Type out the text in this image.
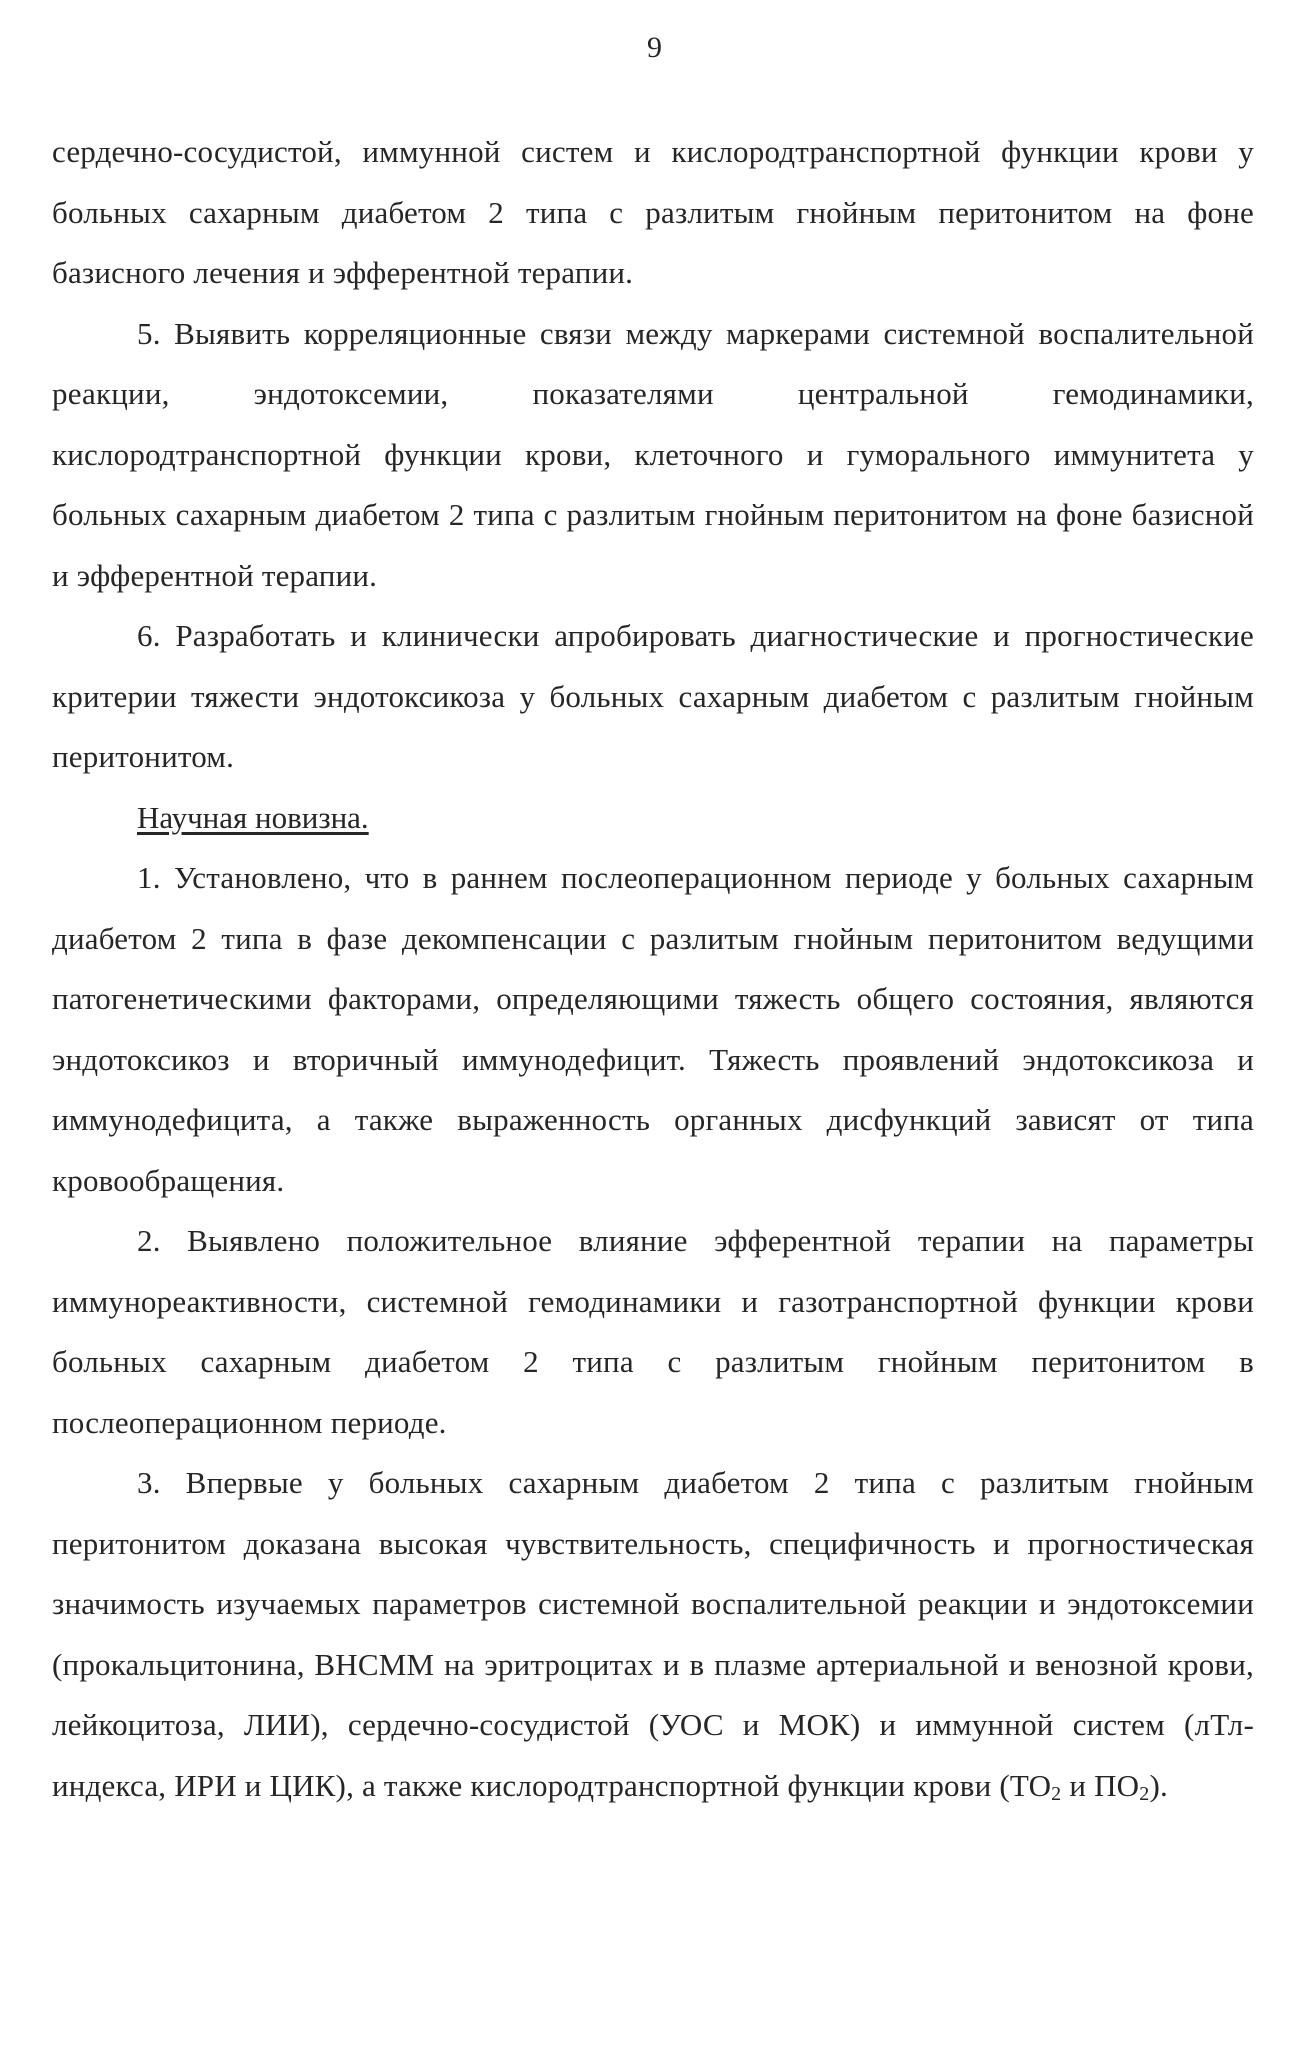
9

сердечно-сосудистой, иммунной систем и кислородтранспортной функции крови у больных сахарным диабетом 2 типа с разлитым гнойным перитонитом на фоне базисного лечения и эфферентной терапии.

5. Выявить корреляционные связи между маркерами системной воспалительной реакции, эндотоксемии, показателями центральной гемодинамики, кислородтранспортной функции крови, клеточного и гуморального иммунитета у больных сахарным диабетом 2 типа с разлитым гнойным перитонитом на фоне базисной и эфферентной терапии.

6. Разработать и клинически апробировать диагностические и прогностические критерии тяжести эндотоксикоза у больных сахарным диабетом с разлитым гнойным перитонитом.

Научная новизна.

1. Установлено, что в раннем послеоперационном периоде у больных сахарным диабетом 2 типа в фазе декомпенсации с разлитым гнойным перитонитом ведущими патогенетическими факторами, определяющими тяжесть общего состояния, являются эндотоксикоз и вторичный иммунодефицит. Тяжесть проявлений эндотоксикоза и иммунодефицита, а также выраженность органных дисфункций зависят от типа кровообращения.

2. Выявлено положительное влияние эфферентной терапии на параметры иммунореактивности, системной гемодинамики и газотранспортной функции крови больных сахарным диабетом 2 типа с разлитым гнойным перитонитом в послеоперационном периоде.

3. Впервые у больных сахарным диабетом 2 типа с разлитым гнойным перитонитом доказана высокая чувствительность, специфичность и прогностическая значимость изучаемых параметров системной воспалительной реакции и эндотоксемии (прокальцитонина, ВНСММ на эритроцитах и в плазме артериальной и венозной крови, лейкоцитоза, ЛИИ), сердечно-сосудистой (УОС и МОК) и иммунной систем (лТл-индекса, ИРИ и ЦИК), а также кислородтранспортной функции крови ($ТО_2$ и $ПО_2$).
